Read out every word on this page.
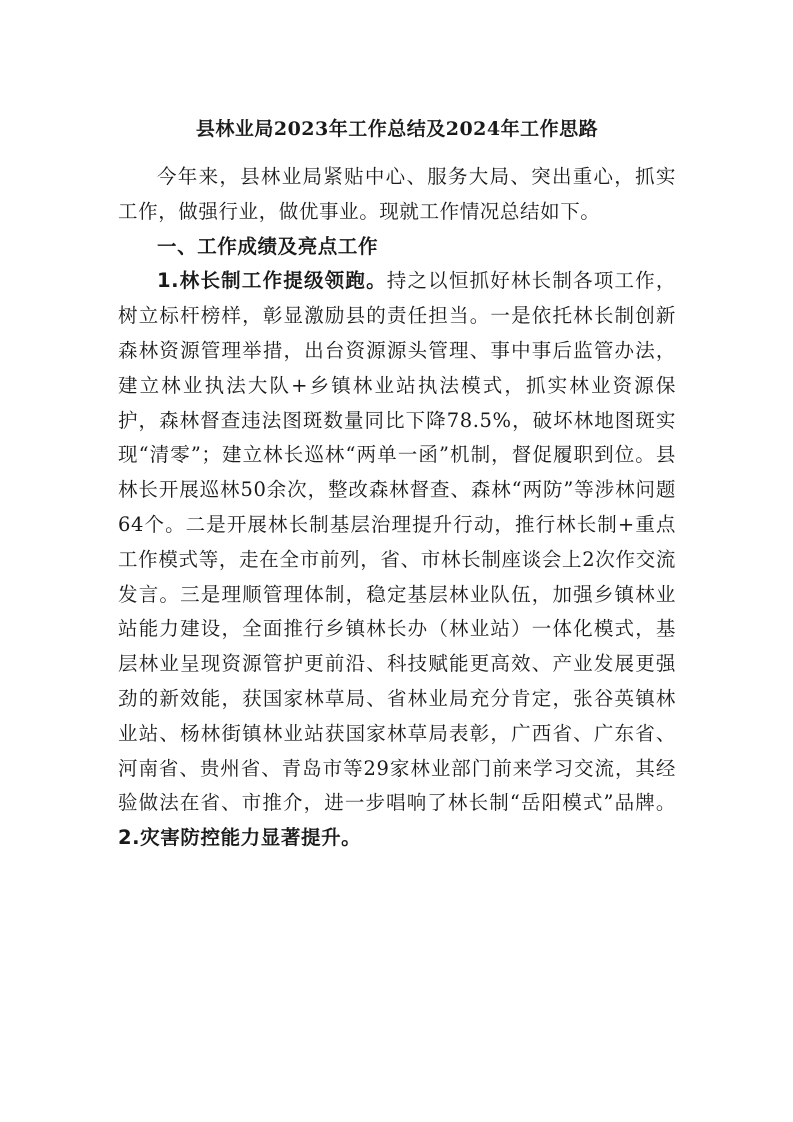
县林业局2023年工作总结及2024年工作思路

今年来，县林业局紧贴中心、服务大局、突出重心，抓实工作，做强行业，做优事业。现就工作情况总结如下。

一、工作成绩及亮点工作

1.林长制工作提级领跑。持之以恒抓好林长制各项工作，树立标杆榜样，彰显激励县的责任担当。一是依托林长制创新森林资源管理举措，出台资源源头管理、事中事后监管办法，建立林业执法大队+乡镇林业站执法模式，抓实林业资源保护，森林督查违法图斑数量同比下降78.5%，破坏林地图斑实现“清零”；建立林长巡林“两单一函”机制，督促履职到位。县林长开展巡林50余次，整改森林督查、森林“两防”等涉林问题64个。二是开展林长制基层治理提升行动，推行林长制+重点工作模式等，走在全市前列，省、市林长制座谈会上2次作交流发言。三是理顺管理体制，稳定基层林业队伍，加强乡镇林业站能力建设，全面推行乡镇林长办（林业站）一体化模式，基层林业呈现资源管护更前沿、科技赋能更高效、产业发展更强劲的新效能，获国家林草局、省林业局充分肯定，张谷英镇林业站、杨林街镇林业站获国家林草局表彰，广西省、广东省、河南省、贵州省、青岛市等29家林业部门前来学习交流，其经验做法在省、市推介，进一步唱响了林长制“岳阳模式”品牌。2.灾害防控能力显著提升。
